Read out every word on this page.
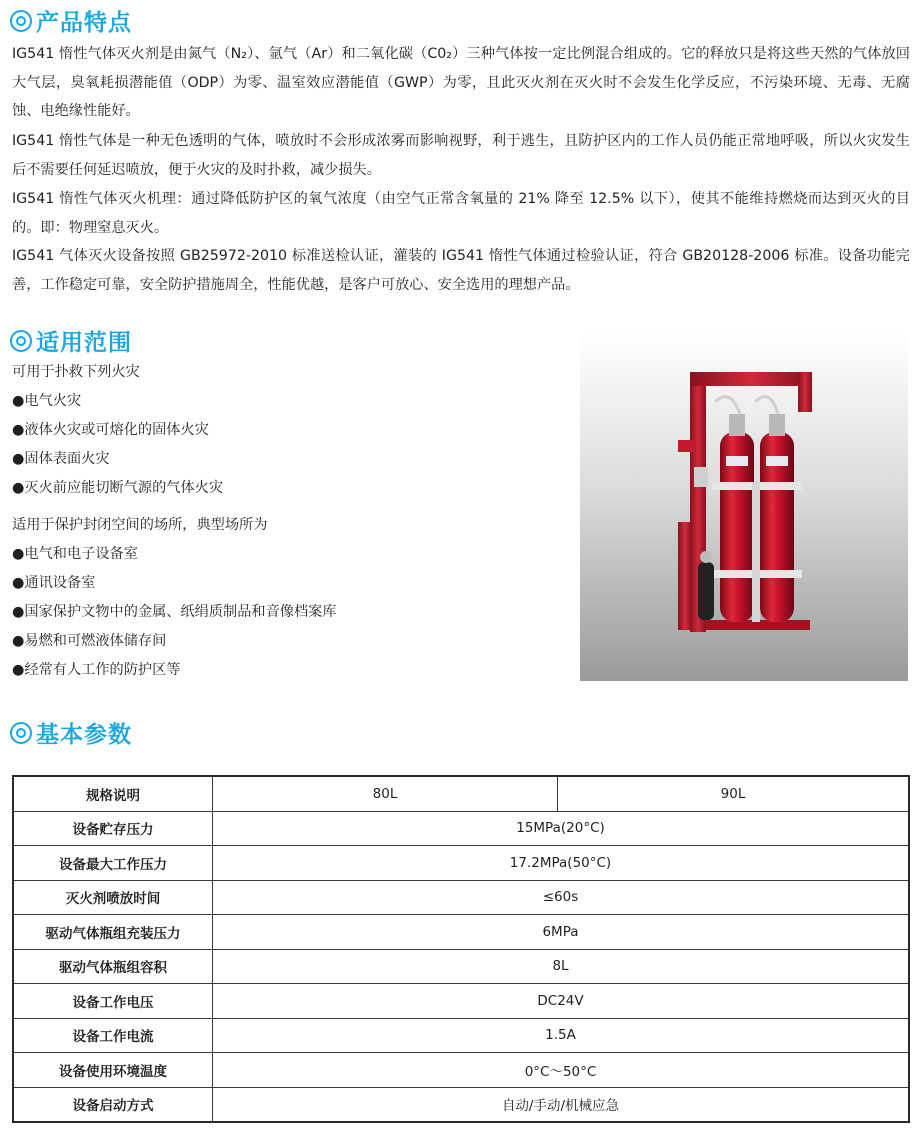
产品特点

IG541 惰性气体灭火剂是由氮气（N₂）、氩气（Ar）和二氧化碳（C0₂）三种气体按一定比例混合组成的。它的释放只是将这些天然的气体放回大气层，臭氧耗损潜能值（ODP）为零、温室效应潜能值（GWP）为零，且此灭火剂在灭火时不会发生化学反应，不污染环境、无毒、无腐蚀、电绝缘性能好。

IG541 惰性气体是一种无色透明的气体，喷放时不会形成浓雾而影响视野，利于逃生，且防护区内的工作人员仍能正常地呼吸，所以火灾发生后不需要任何延迟喷放，便于火灾的及时扑救，减少损失。

IG541 惰性气体灭火机理：通过降低防护区的氧气浓度（由空气正常含氧量的 21% 降至 12.5% 以下），使其不能维持燃烧而达到灭火的目的。即：物理窒息灭火。

IG541 气体灭火设备按照 GB25972-2010 标准送检认证，灌装的 IG541 惰性气体通过检验认证，符合 GB20128-2006 标准。设备功能完善，工作稳定可靠，安全防护措施周全，性能优越，是客户可放心、安全选用的理想产品。

适用范围
可用于扑救下列火灾
●电气火灾
●液体火灾或可熔化的固体火灾
●固体表面火灾
●灭火前应能切断气源的气体火灾
适用于保护封闭空间的场所，典型场所为
●电气和电子设备室
●通讯设备室
●国家保护文物中的金属、纸绢质制品和音像档案库
●易燃和可燃液体储存间
●经常有人工作的防护区等
基本参数
规格说明	80L	90L
设备贮存压力	15MPa(20°C)	
设备最大工作压力	17.2MPa(50°C)	
灭火剂喷放时间	≤60s	
驱动气体瓶组充装压力	6MPa	
驱动气体瓶组容积	8L	
设备工作电压	DC24V	
设备工作电流	1.5A	
设备使用环境温度	0°C～50°C	
设备启动方式	自动/手动/机械应急	
